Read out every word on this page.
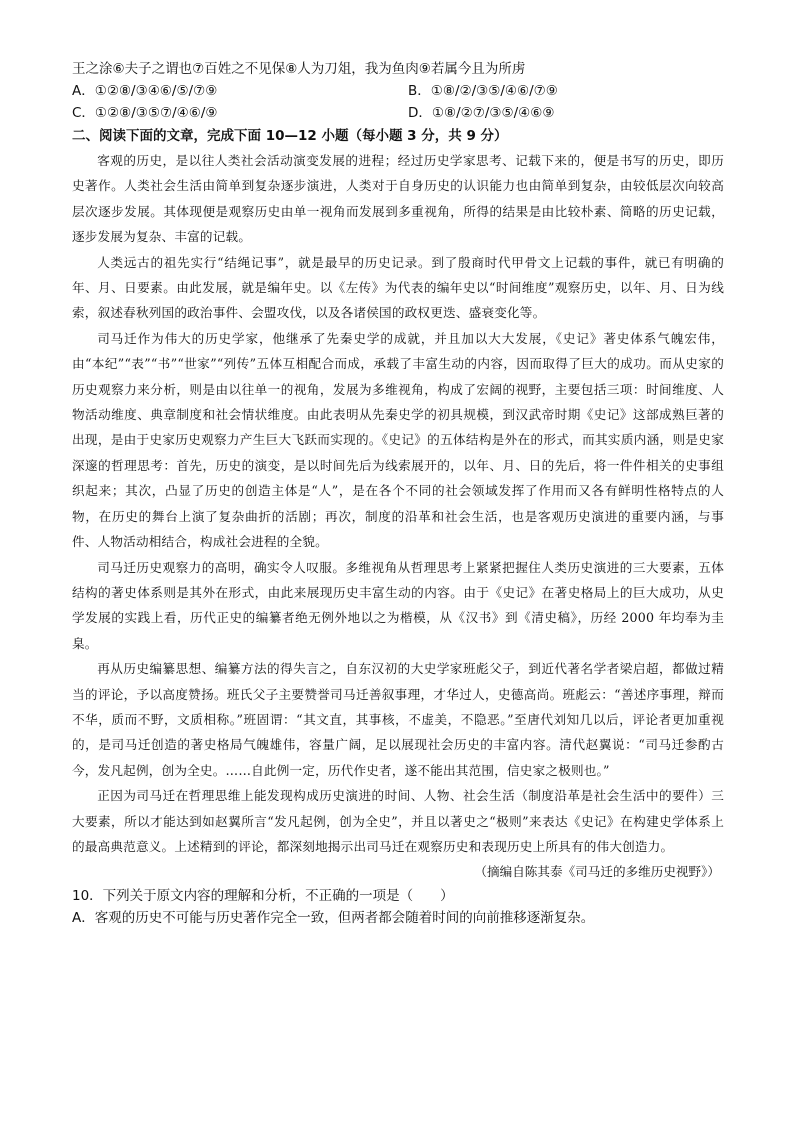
王之涂⑥夫子之谓也⑦百姓之不见保⑧人为刀俎，我为鱼肉⑨若属今且为所虏
A．①②⑧/③④⑥/⑤/⑦⑨	B．①⑧/②/③⑤/④⑥/⑦⑨
C．①②⑧/③⑤⑦/④⑥/⑨	D．①⑧/②⑦/③⑤/④⑥⑨
二、阅读下面的文章，完成下面 10—12 小题（每小题 3 分，共 9 分）

客观的历史，是以往人类社会活动演变发展的进程；经过历史学家思考、记载下来的，便是书写的历史，即历史著作。人类社会生活由简单到复杂逐步演进，人类对于自身历史的认识能力也由简单到复杂，由较低层次向较高层次逐步发展。其体现便是观察历史由单一视角而发展到多重视角，所得的结果是由比较朴素、简略的历史记载，逐步发展为复杂、丰富的记载。

人类远古的祖先实行“结绳记事”，就是最早的历史记录。到了殷商时代甲骨文上记载的事件，就已有明确的年、月、日要素。由此发展，就是编年史。以《左传》为代表的编年史以“时间维度”观察历史，以年、月、日为线索，叙述春秋列国的政治事件、会盟攻伐，以及各诸侯国的政权更迭、盛衰变化等。

司马迁作为伟大的历史学家，他继承了先秦史学的成就，并且加以大大发展，《史记》著史体系气魄宏伟，由“本纪”“表”“书”“世家”“列传”五体互相配合而成，承载了丰富生动的内容，因而取得了巨大的成功。而从史家的历史观察力来分析，则是由以往单一的视角，发展为多维视角，构成了宏阔的视野，主要包括三项：时间维度、人物活动维度、典章制度和社会情状维度。由此表明从先秦史学的初具规模，到汉武帝时期《史记》这部成熟巨著的出现，是由于史家历史观察力产生巨大飞跃而实现的。《史记》的五体结构是外在的形式，而其实质内涵，则是史家深邃的哲理思考：首先，历史的演变，是以时间先后为线索展开的，以年、月、日的先后，将一件件相关的史事组织起来；其次，凸显了历史的创造主体是“人”，是在各个不同的社会领域发挥了作用而又各有鲜明性格特点的人物，在历史的舞台上演了复杂曲折的活剧；再次，制度的沿革和社会生活，也是客观历史演进的重要内涵，与事件、人物活动相结合，构成社会进程的全貌。

司马迁历史观察力的高明，确实令人叹服。多维视角从哲理思考上紧紧把握住人类历史演进的三大要素，五体结构的著史体系则是其外在形式，由此来展现历史丰富生动的内容。由于《史记》在著史格局上的巨大成功，从史学发展的实践上看，历代正史的编纂者绝无例外地以之为楷模，从《汉书》到《清史稿》，历经 2000 年均奉为圭臬。

再从历史编纂思想、编纂方法的得失言之，自东汉初的大史学家班彪父子，到近代著名学者梁启超，都做过精当的评论，予以高度赞扬。班氏父子主要赞誉司马迁善叙事理，才华过人，史德高尚。班彪云：“善述序事理，辩而不华，质而不野，文质相称。”班固谓：“其文直，其事核，不虚美，不隐恶。”至唐代刘知几以后，评论者更加重视的，是司马迁创造的著史格局气魄雄伟，容量广阔，足以展现社会历史的丰富内容。清代赵翼说：“司马迁参酌古今，发凡起例，创为全史。……自此例一定，历代作史者，遂不能出其范围，信史家之极则也。”

正因为司马迁在哲理思维上能发现构成历史演进的时间、人物、社会生活（制度沿革是社会生活中的要件）三大要素，所以才能达到如赵翼所言“发凡起例，创为全史”，并且以著史之“极则”来表达《史记》在构建史学体系上的最高典范意义。上述精到的评论，都深刻地揭示出司马迁在观察历史和表现历史上所具有的伟大创造力。

（摘编自陈其泰《司马迁的多维历史视野》）
10．下列关于原文内容的理解和分析，不正确的一项是（　　）
A．客观的历史不可能与历史著作完全一致，但两者都会随着时间的向前推移逐渐复杂。
